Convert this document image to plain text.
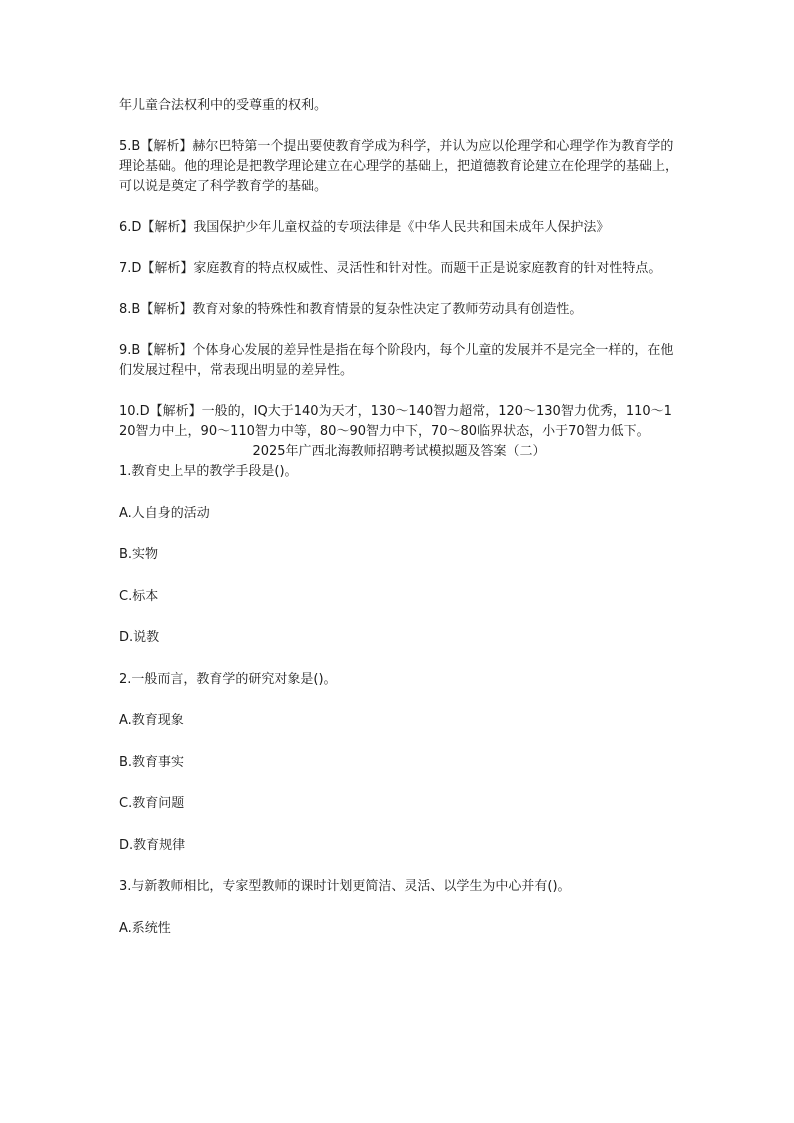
年儿童合法权利中的受尊重的权利。

5.B【解析】赫尔巴特第一个提出要使教育学成为科学，并认为应以伦理学和心理学作为教育学的理论基础。他的理论是把教学理论建立在心理学的基础上，把道德教育论建立在伦理学的基础上，可以说是奠定了科学教育学的基础。

6.D【解析】我国保护少年儿童权益的专项法律是《中华人民共和国未成年人保护法》

7.D【解析】家庭教育的特点权威性、灵活性和针对性。而题干正是说家庭教育的针对性特点。

8.B【解析】教育对象的特殊性和教育情景的复杂性决定了教师劳动具有创造性。

9.B【解析】个体身心发展的差异性是指在每个阶段内，每个儿童的发展并不是完全一样的，在他们发展过程中，常表现出明显的差异性。

10.D【解析】一般的，IQ大于140为天才，130～140智力超常，120～130智力优秀，110～120智力中上，90～110智力中等，80～90智力中下，70～80临界状态，小于70智力低下。

2025年广西北海教师招聘考试模拟题及答案（二）

1.教育史上早的教学手段是()。

A.人自身的活动

B.实物

C.标本

D.说教

2.一般而言，教育学的研究对象是()。

A.教育现象

B.教育事实

C.教育问题

D.教育规律

3.与新教师相比，专家型教师的课时计划更简洁、灵活、以学生为中心并有()。

A.系统性
